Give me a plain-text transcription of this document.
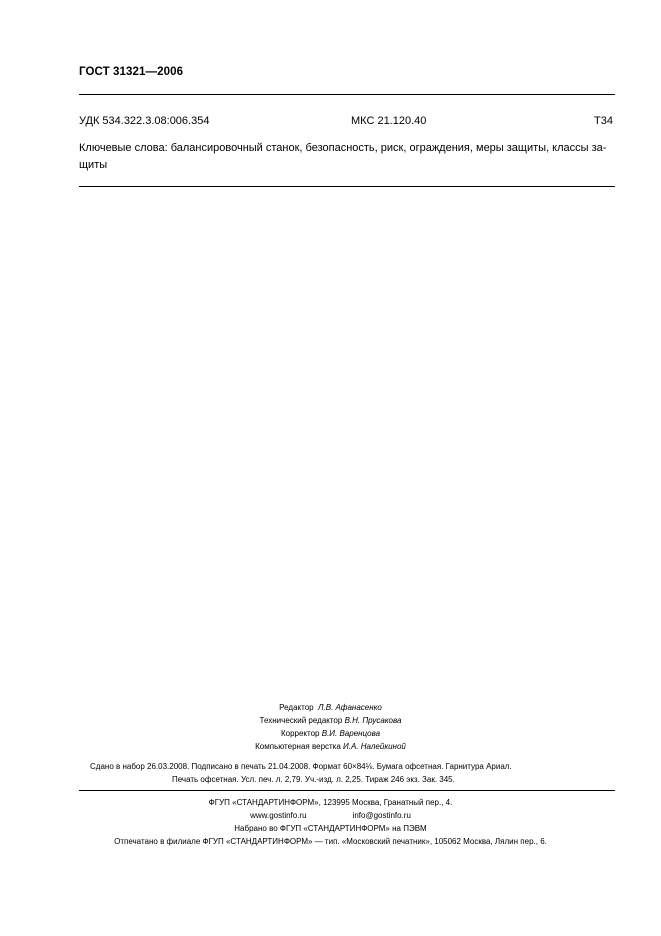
ГОСТ 31321—2006
УДК 534.322.3.08:006.354	МКС 21.120.40	Т34
Ключевые слова: балансировочный станок, безопасность, риск, ограждения, меры защиты, классы за-
щиты
Редактор Л.В. Афанасенко
Технический редактор В.Н. Прусакова
Корректор В.И. Варенцова
Компьютерная верстка И.А. Налейкиной
Сдано в набор 26.03.2008. Подписано в печать 21.04.2008. Формат 60×84⅛. Бумага офсетная. Гарнитура Ариал.
Печать офсетная. Усл. печ. л. 2,79. Уч.-изд. л. 2,25. Тираж 246 экз. Зак. 345.
ФГУП «СТАНДАРТИНФОРМ», 123995 Москва, Гранатный пер., 4.
www.gostinfo.ru	info@gostinfo.ru
Набрано во ФГУП «СТАНДАРТИНФОРМ» на ПЭВМ
Отпечатано в филиале ФГУП «СТАНДАРТИНФОРМ» — тип. «Московский печатник», 105062 Москва, Лялин пер., 6.
